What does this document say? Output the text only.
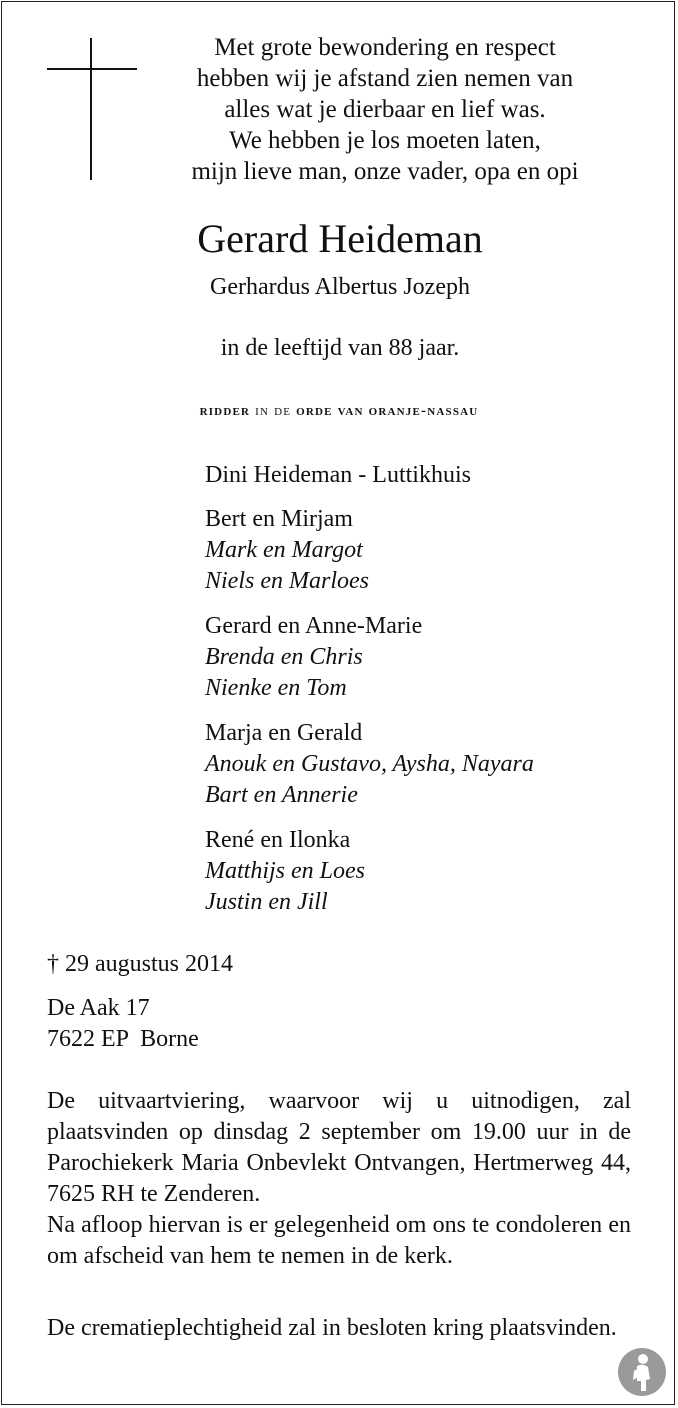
Met grote bewondering en respect
hebben wij je afstand zien nemen van
alles wat je dierbaar en lief was.
We hebben je los moeten laten,
mijn lieve man, onze vader, opa en opi
Gerard Heideman
Gerhardus Albertus Jozeph
in de leeftijd van 88 jaar.
ridder in de orde van oranje-nassau
Dini Heideman - Luttikhuis
Bert en Mirjam
Mark en Margot
Niels en Marloes
Gerard en Anne-Marie
Brenda en Chris
Nienke en Tom
Marja en Gerald
Anouk en Gustavo, Aysha, Nayara
Bart en Annerie
René en Ilonka
Matthijs en Loes
Justin en Jill
† 29 augustus 2014
De Aak 17
7622 EP  Borne

De uitvaartviering, waarvoor wij u uitnodigen, zal plaatsvinden op dinsdag 2 september om 19.00 uur in de Parochiekerk Maria Onbevlekt Ontvangen, Hertmerweg 44, 7625 RH te Zenderen.

Na afloop hiervan is er gelegenheid om ons te condoleren en om afscheid van hem te nemen in de kerk.

De crematieplechtigheid zal in besloten kring plaatsvinden.
